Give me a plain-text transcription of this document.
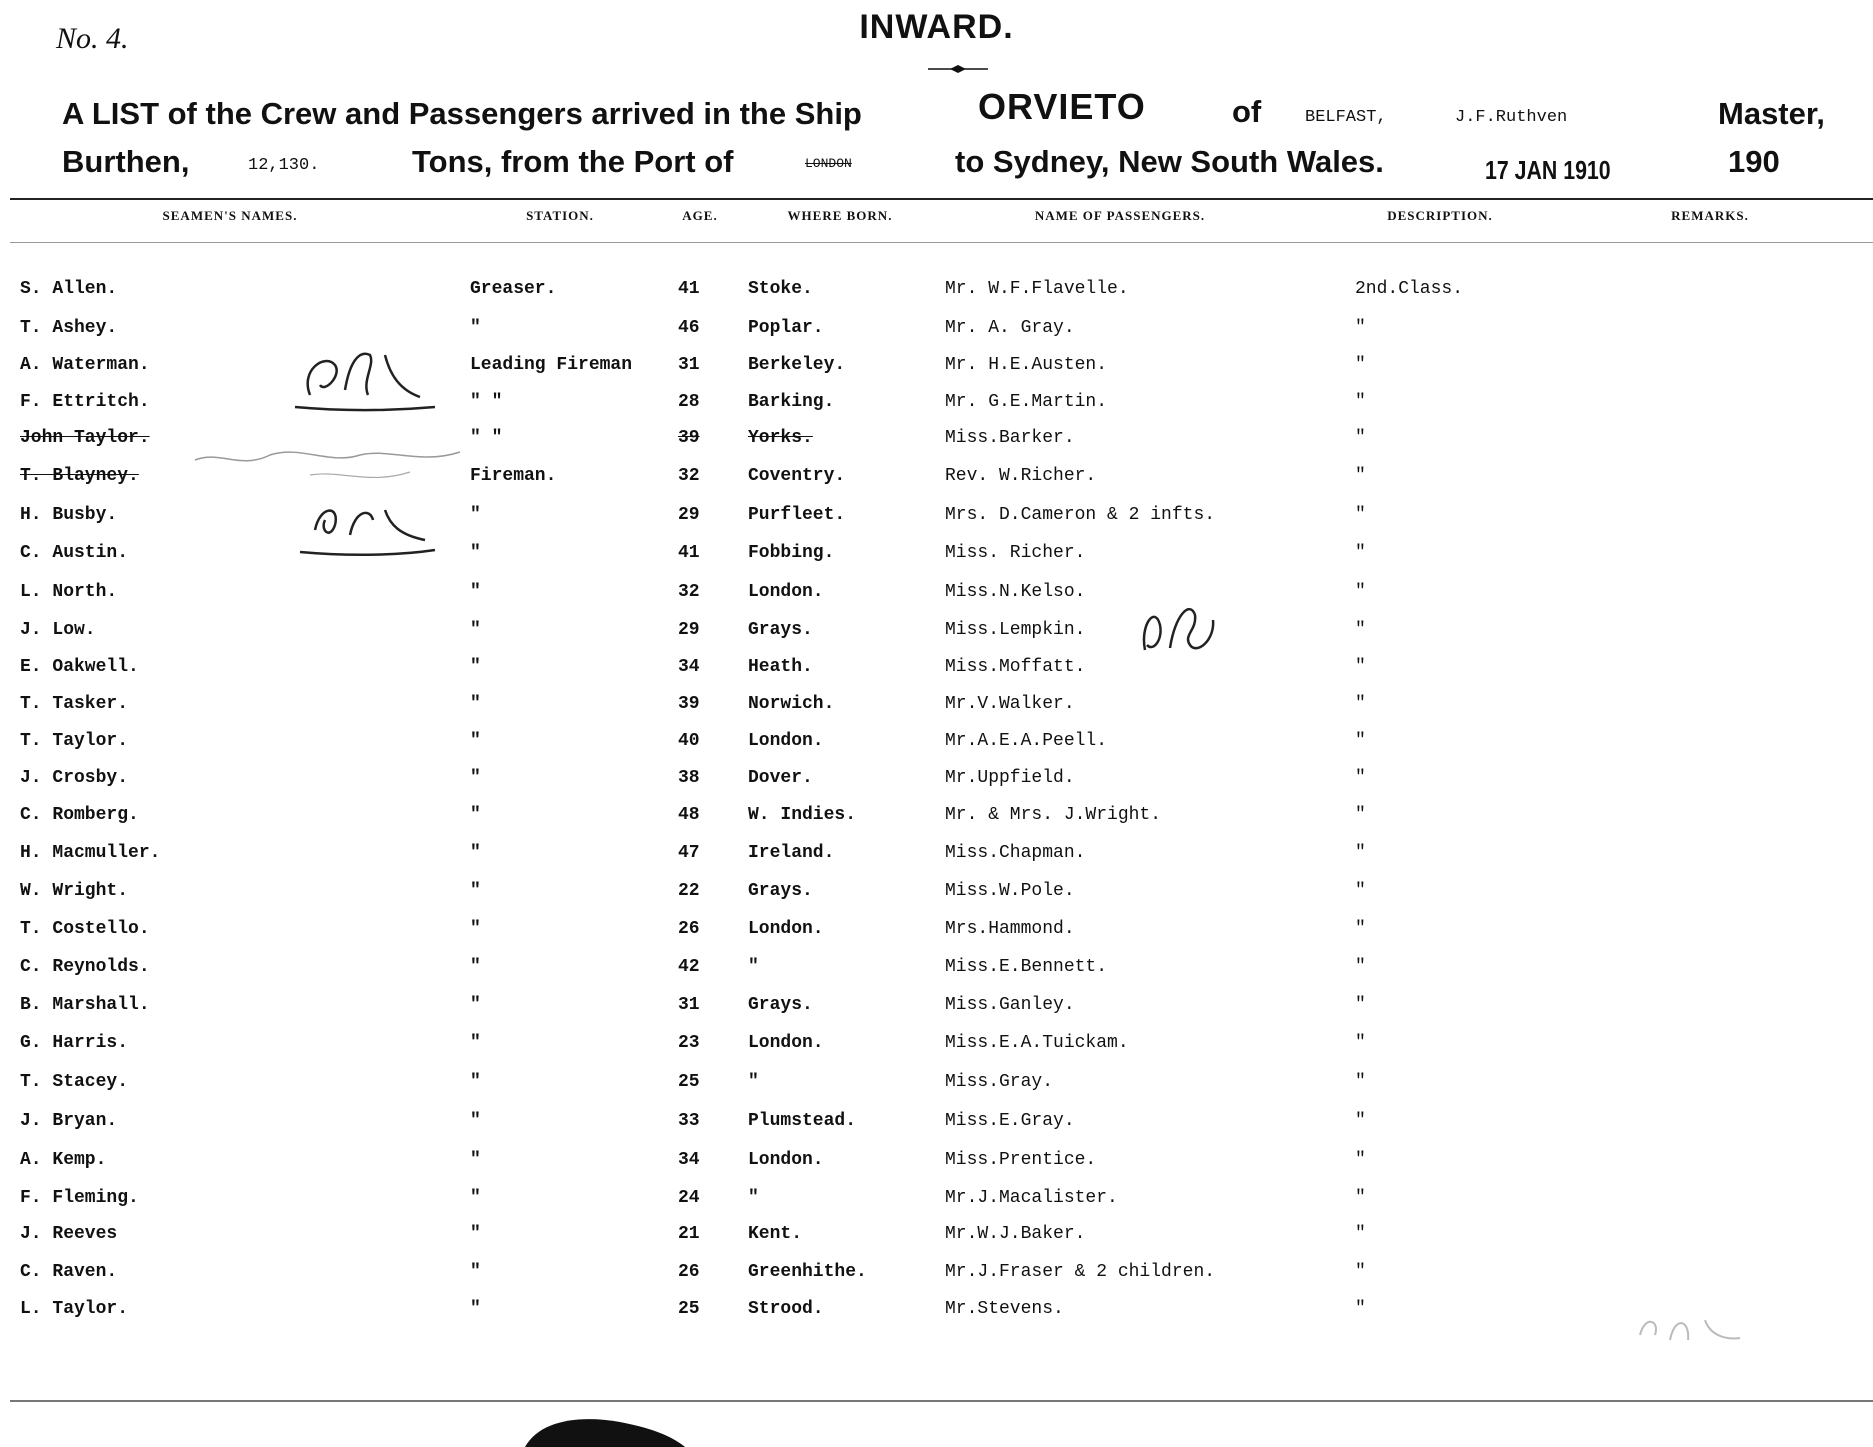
No. 4.	INWARD.
A LIST of the Crew and Passengers arrived in the Ship	ORVIETO	of	BELFAST,	J.F.Ruthven	Master,
Burthen,	12,130.	Tons, from the Port of	LONDON	to Sydney, New South Wales.	17 JAN 1910	190
SEAMEN'S NAMES.	STATION.	AGE.	WHERE BORN.	NAME OF PASSENGERS.	DESCRIPTION.	REMARKS.
S. Allen.	Greaser.	41	Stoke.	Mr. W.F.Flavelle.	2nd.Class.
T. Ashey.	"	46	Poplar.	Mr. A. Gray.	"
A. Waterman.	Leading Fireman	31	Berkeley.	Mr. H.E.Austen.	"
F. Ettritch.	" "	28	Barking.	Mr. G.E.Martin.	"
John Taylor.	" "	39	Yorks.	Miss.Barker.	"
T. Blayney.	Fireman.	32	Coventry.	Rev. W.Richer.	"
H. Busby.	"	29	Purfleet.	Mrs. D.Cameron & 2 infts.	"
C. Austin.	"	41	Fobbing.	Miss. Richer.	"
L. North.	"	32	London.	Miss.N.Kelso.	"
J. Low.	"	29	Grays.	Miss.Lempkin.	"
E. Oakwell.	"	34	Heath.	Miss.Moffatt.	"
T. Tasker.	"	39	Norwich.	Mr.V.Walker.	"
T. Taylor.	"	40	London.	Mr.A.E.A.Peell.	"
J. Crosby.	"	38	Dover.	Mr.Uppfield.	"
C. Romberg.	"	48	W. Indies.	Mr. & Mrs. J.Wright.	"
H. Macmuller.	"	47	Ireland.	Miss.Chapman.	"
W. Wright.	"	22	Grays.	Miss.W.Pole.	"
T. Costello.	"	26	London.	Mrs.Hammond.	"
C. Reynolds.	"	42	"	Miss.E.Bennett.	"
B. Marshall.	"	31	Grays.	Miss.Ganley.	"
G. Harris.	"	23	London.	Miss.E.A.Tuickam.	"
T. Stacey.	"	25	"	Miss.Gray.	"
J. Bryan.	"	33	Plumstead.	Miss.E.Gray.	"
A. Kemp.	"	34	London.	Miss.Prentice.	"
F. Fleming.	"	24	"	Mr.J.Macalister.	"
J. Reeves	"	21	Kent.	Mr.W.J.Baker.	"
C. Raven.	"	26	Greenhithe.	Mr.J.Fraser & 2 children.	"
L. Taylor.	"	25	Strood.	Mr.Stevens.	"
